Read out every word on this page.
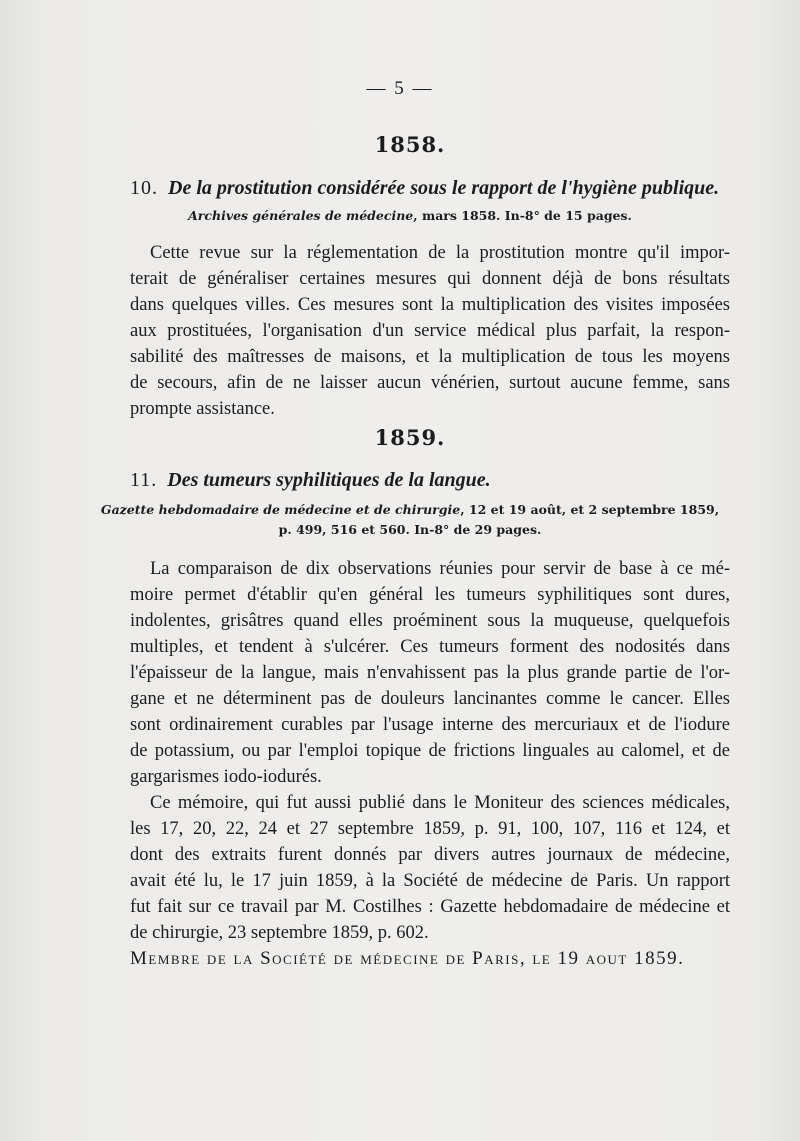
— 5 —
1858.
10. De la prostitution considérée sous le rapport de l'hygiène publique.
Archives générales de médecine, mars 1858. In-8° de 15 pages.
Cette revue sur la réglementation de la prostitution montre qu'il impor-
terait de généraliser certaines mesures qui donnent déjà de bons résultats
dans quelques villes. Ces mesures sont la multiplication des visites imposées
aux prostituées, l'organisation d'un service médical plus parfait, la respon-
sabilité des maîtresses de maisons, et la multiplication de tous les moyens
de secours, afin de ne laisser aucun vénérien, surtout aucune femme, sans
prompte assistance.
1859.
11. Des tumeurs syphilitiques de la langue.
Gazette hebdomadaire de médecine et de chirurgie, 12 et 19 août, et 2 septembre 1859,
p. 499, 516 et 560. In-8° de 29 pages.
La comparaison de dix observations réunies pour servir de base à ce mé-
moire permet d'établir qu'en général les tumeurs syphilitiques sont dures,
indolentes, grisâtres quand elles proéminent sous la muqueuse, quelquefois
multiples, et tendent à s'ulcérer. Ces tumeurs forment des nodosités dans
l'épaisseur de la langue, mais n'envahissent pas la plus grande partie de l'or-
gane et ne déterminent pas de douleurs lancinantes comme le cancer. Elles
sont ordinairement curables par l'usage interne des mercuriaux et de l'iodure
de potassium, ou par l'emploi topique de frictions linguales au calomel, et de
gargarismes iodo-iodurés.
Ce mémoire, qui fut aussi publié dans le Moniteur des sciences médicales,
les 17, 20, 22, 24 et 27 septembre 1859, p. 91, 100, 107, 116 et 124, et
dont des extraits furent donnés par divers autres journaux de médecine,
avait été lu, le 17 juin 1859, à la Société de médecine de Paris. Un rapport
fut fait sur ce travail par M. Costilhes : Gazette hebdomadaire de médecine et
de chirurgie, 23 septembre 1859, p. 602.
Membre de la Société de médecine de Paris, le 19 aout 1859.
